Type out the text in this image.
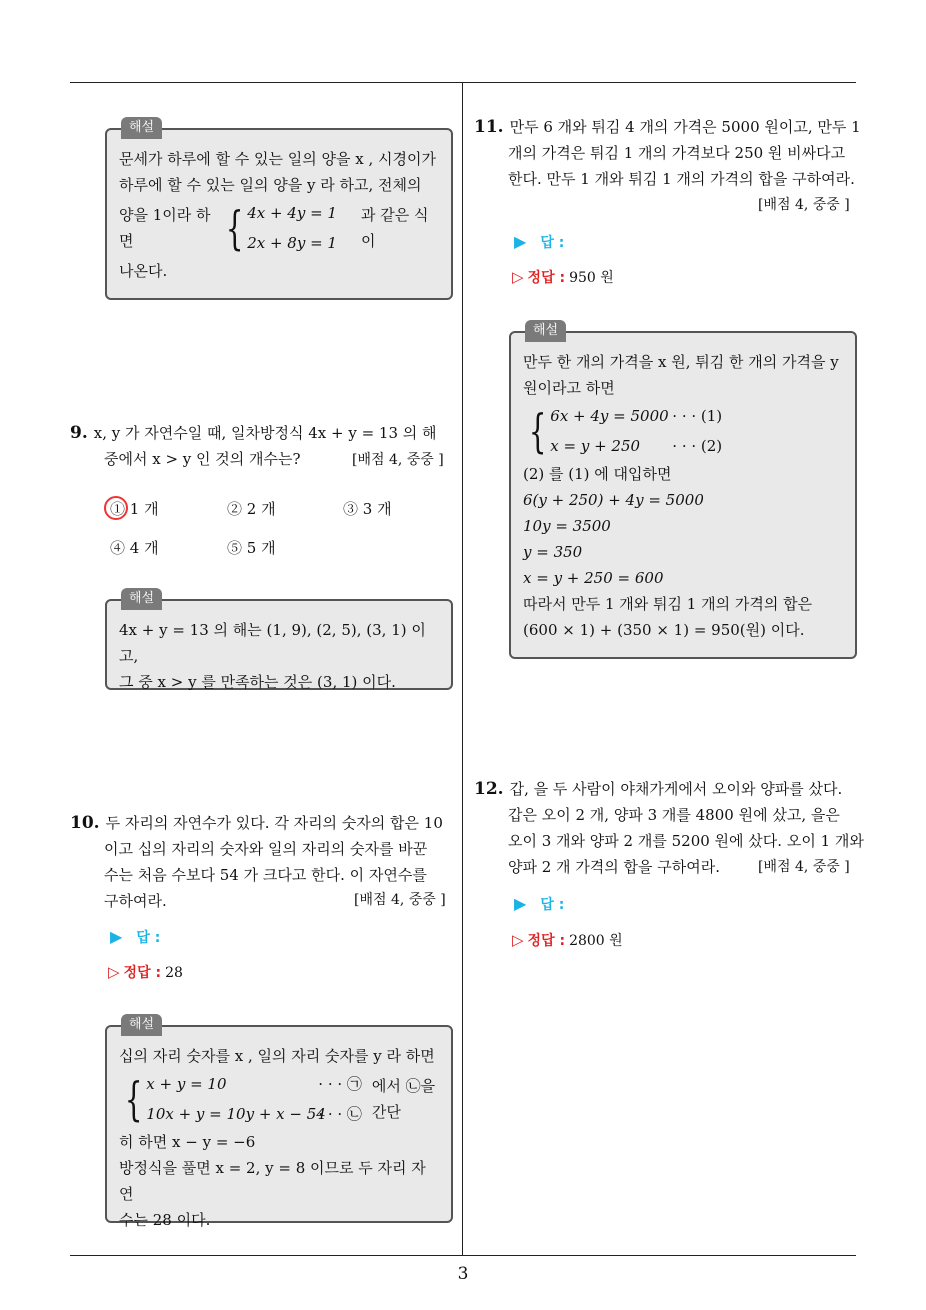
3
해설
문세가 하루에 할 수 있는 일의 양을 x , 시경이가
하루에 할 수 있는 일의 양을 y 라 하고, 전체의
양을 1이라 하면	{ 4x + 4y = 1
2x + 8y = 1
과 같은 식이
나온다.
9. x, y 가 자연수일 때, 일차방정식 4x + y = 13 의 해
중에서 x > y 인 것의 개수는?	[배점 4, 중중 ]
① 1 개	② 2 개	③ 3 개
④ 4 개	⑤ 5 개
해설
4x + y = 13 의 해는 (1, 9), (2, 5), (3, 1) 이고,
그 중 x > y 를 만족하는 것은 (3, 1) 이다.
10. 두 자리의 자연수가 있다. 각 자리의 숫자의 합은 10
이고 십의 자리의 숫자와 일의 자리의 숫자를 바꾼
수는 처음 수보다 54 가 크다고 한다. 이 자연수를
구하여라.	[배점 4, 중중 ]
▶ 답 :
▷ 정답 : 28
해설
십의 자리 숫자를 x , 일의 자리 숫자를 y 라 하면
{ x + y = 10	· · · ㉠
10x + y = 10y + x − 54· · · ㉡
에서 ㉡을 간단
히 하면 x − y = −6
방정식을 풀면 x = 2, y = 8 이므로 두 자리 자연
수는 28 이다.
11. 만두 6 개와 튀김 4 개의 가격은 5000 원이고, 만두 1
개의 가격은 튀김 1 개의 가격보다 250 원 비싸다고
한다. 만두 1 개와 튀김 1 개의 가격의 합을 구하여라.
[배점 4, 중중 ]
▶ 답 :
▷ 정답 : 950 원
해설
만두 한 개의 가격을 x 원, 튀김 한 개의 가격을 y
원이라고 하면
{ 6x + 4y = 5000 · · · (1)
x = y + 250 · · · (2)
(2) 를 (1) 에 대입하면
6(y + 250) + 4y = 5000
10y = 3500
y = 350
x = y + 250 = 600
따라서 만두 1 개와 튀김 1 개의 가격의 합은
(600 × 1) + (350 × 1) = 950(원) 이다.
12. 갑, 을 두 사람이 야채가게에서 오이와 양파를 샀다.
갑은 오이 2 개, 양파 3 개를 4800 원에 샀고, 을은
오이 3 개와 양파 2 개를 5200 원에 샀다. 오이 1 개와
양파 2 개 가격의 합을 구하여라.	[배점 4, 중중 ]
▶ 답 :
▷ 정답 : 2800 원
